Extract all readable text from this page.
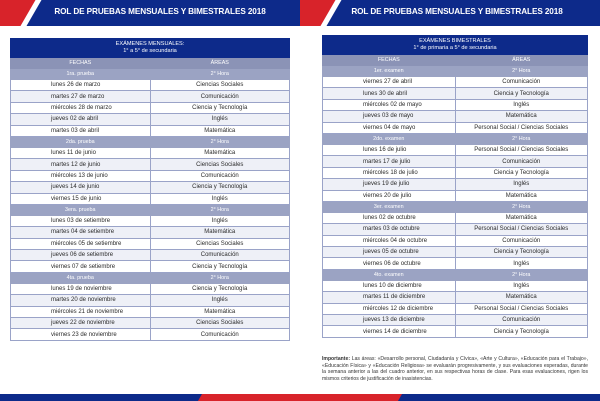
ROL DE PRUEBAS MENSUALES Y BIMESTRALES 2018
EXÁMENES MENSUALES:
1° a 5° de secundaria	

FECHAS	ÁREAS
1ra. prueba	2° Hora
lunes 26 de marzo	Ciencias Sociales
martes 27 de marzo	Comunicación
miércoles 28 de marzo	Ciencia y Tecnología
jueves 02 de abril	Inglés
martes 03 de abril	Matemática
2da. prueba	2° Hora
lunes 11 de junio	Matemática
martes 12 de junio	Ciencias Sociales
miércoles 13 de junio	Comunicación
jueves 14 de junio	Ciencia y Tecnología
viernes 15 de junio	Inglés
3era. prueba	2° Hora
lunes 03 de setiembre	Inglés
martes 04 de setiembre	Matemática
miércoles 05 de setiembre	Ciencias Sociales
jueves 06 de setiembre	Comunicación
viernes 07 de setiembre	Ciencia y Tecnología
4ta. prueba	2° Hora
lunes 19 de noviembre	Ciencia y Tecnología
martes 20 de noviembre	Inglés
miércoles 21 de noviembre	Matemática
jueves 22 de noviembre	Ciencias Sociales
viernes 23 de noviembre	Comunicación
ROL DE PRUEBAS MENSUALES Y BIMESTRALES 2018
EXÁMENES BIMESTRALES
1° de primaria a 5° de secundaria	

FECHAS	ÁREAS
1er. examen	2° Hora
viernes 27 de abril	Comunicación
lunes 30 de abril	Ciencia y Tecnología
miércoles 02 de mayo	Inglés
jueves 03 de mayo	Matemática
viernes 04 de mayo	Personal Social / Ciencias Sociales
2do. examen	2° Hora
lunes 16 de julio	Personal Social / Ciencias Sociales
martes 17 de julio	Comunicación
miércoles 18 de julio	Ciencia y Tecnología
jueves 19 de julio	Inglés
viernes 20 de julio	Matemática
3er. examen	2° Hora
lunes 02 de octubre	Matemática
martes 03 de octubre	Personal Social / Ciencias Sociales
miércoles 04 de octubre	Comunicación
jueves 05 de octubre	Ciencia y Tecnología
viernes 06 de octubre	Inglés
4to. examen	2° Hora
lunes 10 de diciembre	Inglés
martes 11 de diciembre	Matemática
miércoles 12 de diciembre	Personal Social / Ciencias Sociales
jueves 13 de diciembre	Comunicación
viernes 14 de diciembre	Ciencia y Tecnología
Importante: Las áreas: «Desarrollo personal, Ciudadanía y Cívica», «Arte y Cultura», «Educación para el Trabajo», «Educación Física» y «Educación Religiosa» se evaluarán progresivamente, y sus evaluaciones esperadas, durante la semana anterior a las del cuadro anterior, en sus respectivas horas de clase. Para esas evaluaciones, rigen los mismos criterios de justificación de inasistencias.
